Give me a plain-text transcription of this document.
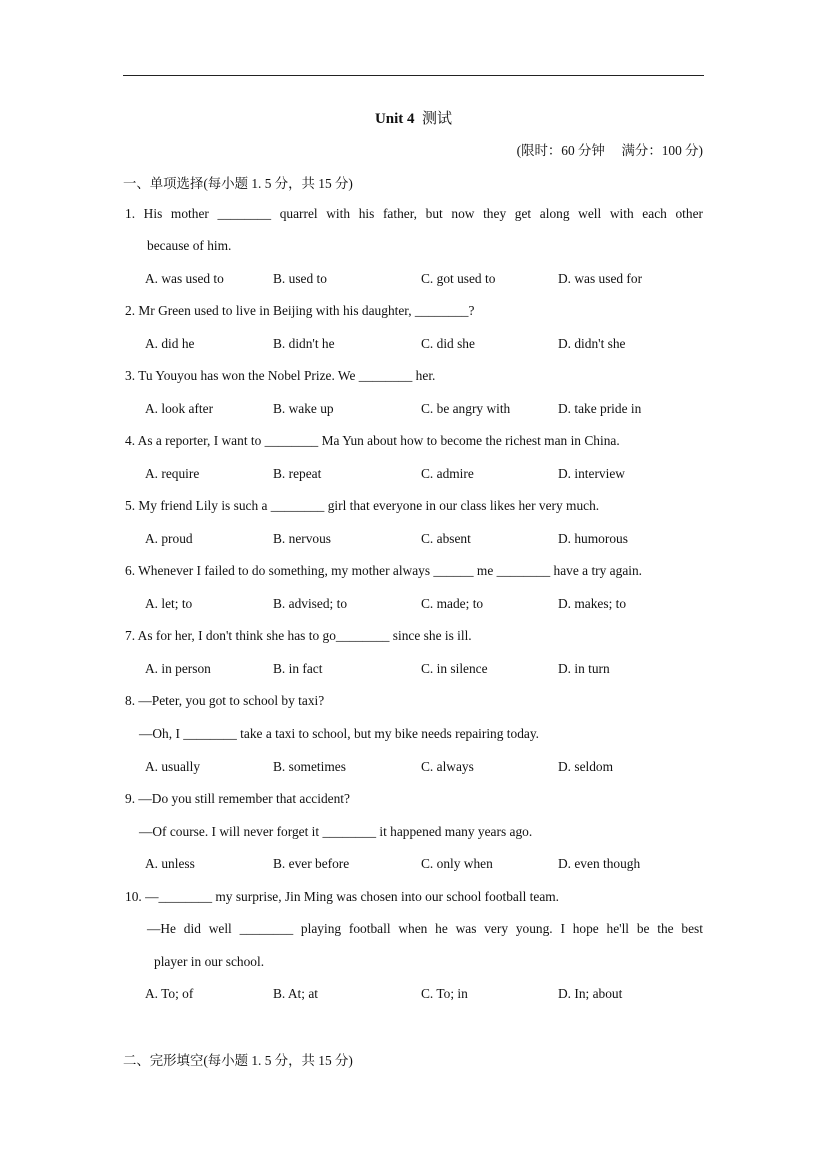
Unit 4 测试
(限时：60 分钟　 满分：100 分)
一、单项选择(每小题 1. 5 分，共 15 分)
1. His mother ________ quarrel with his father, but now they get along well with each other
because of him.
A. was used to	B. used to	C. got used to	D. was used for
2. Mr Green used to live in Beijing with his daughter, ________?
A. did he	B. didn't he	C. did she	D. didn't she
3. Tu Youyou has won the Nobel Prize. We ________ her.
A. look after	B. wake up	C. be angry with	D. take pride in
4. As a reporter, I want to ________ Ma Yun about how to become the richest man in China.
A. require	B. repeat	C. admire	D. interview
5. My friend Lily is such a ________ girl that everyone in our class likes her very much.
A. proud	B. nervous	C. absent	D. humorous
6. Whenever I failed to do something, my mother always ______ me ________ have a try again.
A. let; to	B. advised; to	C. made; to	D. makes; to
7. As for her, I don't think she has to go________ since she is ill.
A. in person	B. in fact	C. in silence	D. in turn
8. —Peter, you got to school by taxi?
—Oh, I ________ take a taxi to school, but my bike needs repairing today.
A. usually	B. sometimes	C. always	D. seldom
9. —Do you still remember that accident?
—Of course. I will never forget it ________ it happened many years ago.
A. unless	B. ever before	C. only when	D. even though
10. —________ my surprise, Jin Ming was chosen into our school football team.
—He did well ________ playing football when he was very young. I hope he'll be the best
player in our school.
A. To; of	B. At; at	C. To; in	D. In; about
二、完形填空(每小题 1. 5 分，共 15 分)
